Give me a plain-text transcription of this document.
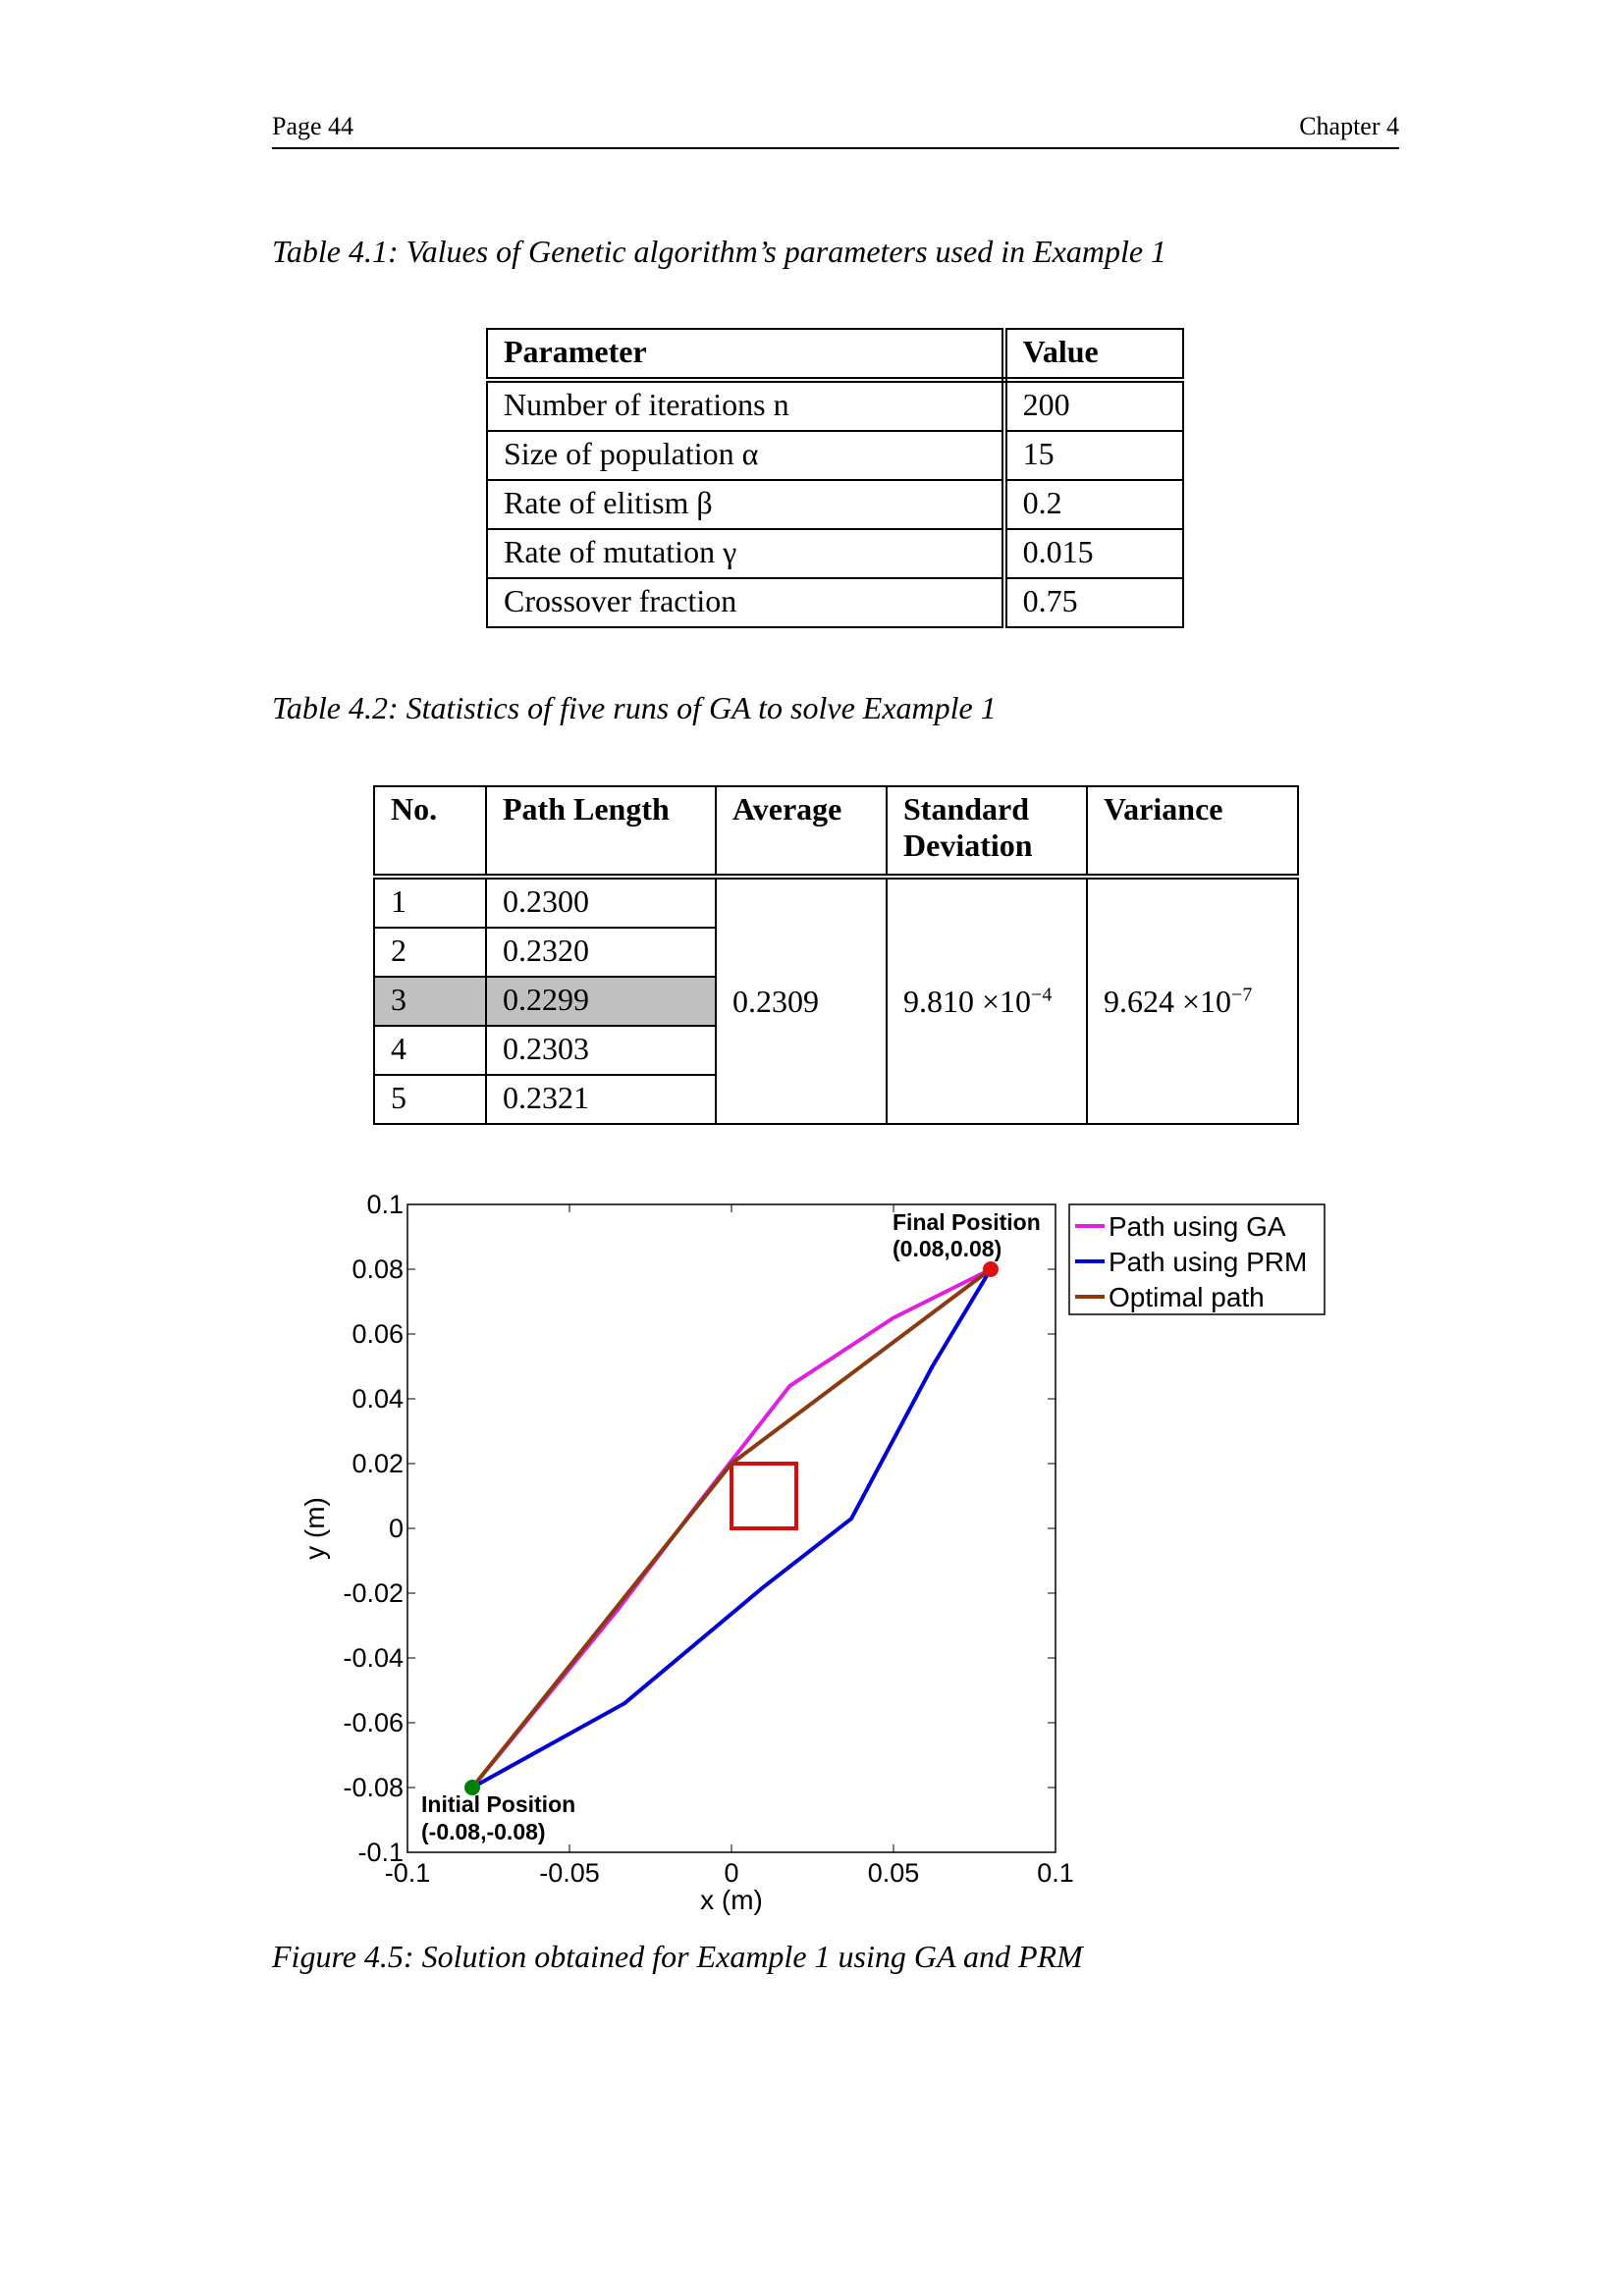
Page 44	Chapter 4
Table 4.1: Values of Genetic algorithm’s parameters used in Example 1
Parameter	Value
Number of iterations n	200
Size of population α	15
Rate of elitism β	0.2
Rate of mutation γ	0.015
Crossover fraction	0.75
Table 4.2: Statistics of five runs of GA to solve Example 1
No.	Path Length	Average	Standard Deviation	Variance
1	0.2300	0.2309	$9.810 \times 10^{-4}$	$9.624 \times 10^{-7}$
2	0.2320			
3	0.2299			
4	0.2303			
5	0.2321			
-0.1	-0.05	0	0.05	0.1
0.1
0.08
0.06
0.04
0.02
0
-0.02
-0.04
-0.06
-0.08
-0.1
x (m)
y (m)
Initial Position
(-0.08,-0.08)
Final Position
(0.08,0.08)
Path using GA
Path using PRM
Optimal path
Figure 4.5: Solution obtained for Example 1 using GA and PRM
